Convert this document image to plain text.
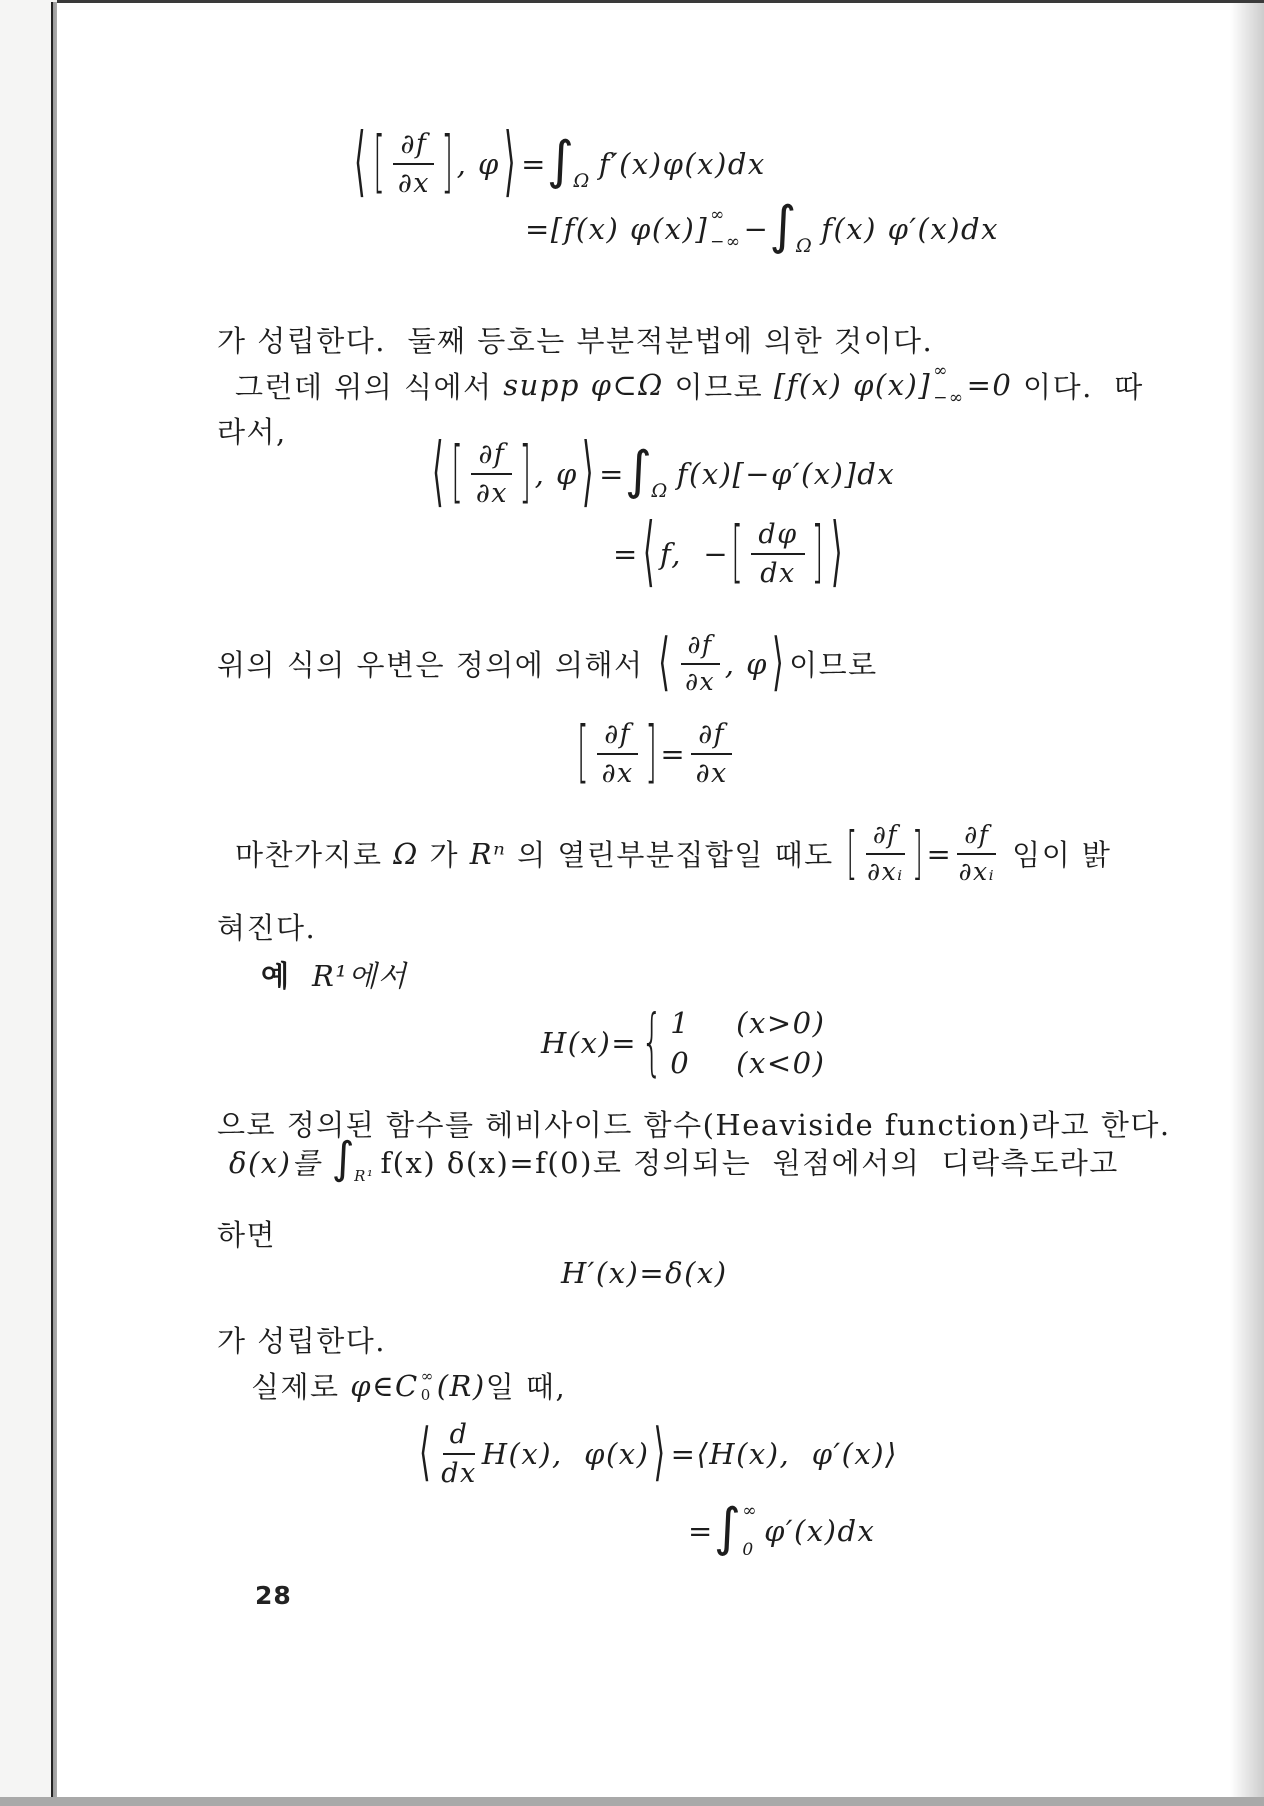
⟨ [ $\frac{\partial f}{\partial x}$ ] , φ ⟩ = ∫
Ω f′(x)φ(x)dx
=[f(x) φ(x)] ∞
−∞ − ∫
Ω f(x) φ′(x)dx
가 성립한다.  둘째 등호는 부분적분법에 의한 것이다.
그런데 위의 식에서 supp φ⊂Ω 이므로 [f(x) φ(x)] ∞
−∞ =0 이다.  따
라서,	⟨ [ $\frac{\partial f}{\partial x}$ ] , φ ⟩ = ∫
Ω f(x)[−φ′(x)]dx
= ⟨ f,  − [ $\frac{d\varphi}{dx}$ ] ⟩
위의 식의 우변은 정의에 의해서 ⟨ $\frac{\partial f}{\partial x}$ , φ ⟩ 이므로
[ $\frac{\partial f}{\partial x}$ ] = $\frac{\partial f}{\partial x}$
마찬가지로 Ω 가 Rⁿ 의 열린부분집합일 때도 [ $\frac{\partial f}{\text{∂xᵢ}}$ ] = $\frac{\partial f}{\text{∂xᵢ}}$ 임이 밝
혀진다.
예 R¹에서
H(x)= { 1 (x>0)
0 (x<0)
으로 정의된 함수를 헤비사이드 함수(Heaviside function)라고 한다.
δ(x)를 ∫
R¹ f(x) δ(x)=f(0)로 정의되는  원점에서의  디락측도라고
하면
H′(x)=δ(x)
가 성립한다.
실제로 φ∈C ∞
0 (R) 일 때,
⟨ $\frac{d}{dx} H(x)$,  φ(x) ⟩ =⟨H(x),  φ′(x)⟩
= ∫ ∞
0
φ′(x)dx
28
